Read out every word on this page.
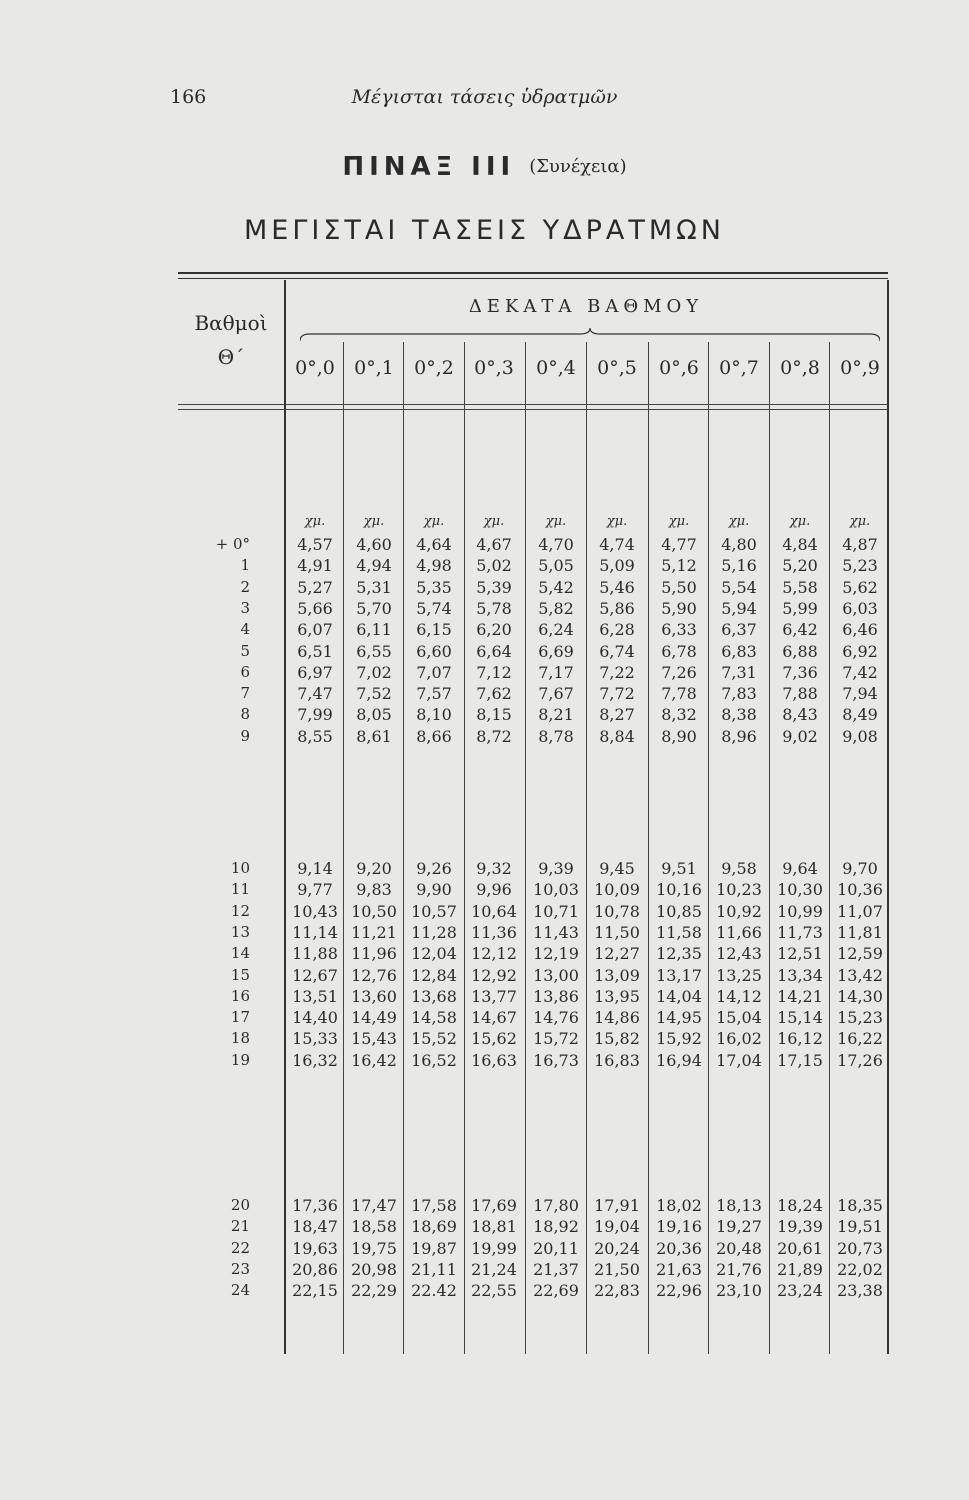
166	Μέγισται τάσεις ὑδρατμῶν
ΠΙΝΑΞ ΙΙΙ (Συνέχεια)
ΜΕΓΙΣΤΑΙ ΤΑΣΕΙΣ ΥΔΡΑΤΜΩΝ
Βαθμοὶ
Θ΄
ΔΕΚΑΤΑ ΒΑΘΜΟΥ
0°,0	0°,1	0°,2	0°,3	0°,4	0°,5	0°,6	0°,7	0°,8	0°,9
χμ.	χμ.	χμ.	χμ.	χμ.	χμ.	χμ.	χμ.	χμ.	χμ.
+ 0°	4,57	4,60	4,64	4,67	4,70	4,74	4,77	4,80	4,84	4,87
1	4,91	4,94	4,98	5,02	5,05	5,09	5,12	5,16	5,20	5,23
2	5,27	5,31	5,35	5,39	5,42	5,46	5,50	5,54	5,58	5,62
3	5,66	5,70	5,74	5,78	5,82	5,86	5,90	5,94	5,99	6,03
4	6,07	6,11	6,15	6,20	6,24	6,28	6,33	6,37	6,42	6,46
5	6,51	6,55	6,60	6,64	6,69	6,74	6,78	6,83	6,88	6,92
6	6,97	7,02	7,07	7,12	7,17	7,22	7,26	7,31	7,36	7,42
7	7,47	7,52	7,57	7,62	7,67	7,72	7,78	7,83	7,88	7,94
8	7,99	8,05	8,10	8,15	8,21	8,27	8,32	8,38	8,43	8,49
9	8,55	8,61	8,66	8,72	8,78	8,84	8,90	8,96	9,02	9,08
10	9,14	9,20	9,26	9,32	9,39	9,45	9,51	9,58	9,64	9,70
11	9,77	9,83	9,90	9,96	10,03 10,09	10,16 10,23 10,30 10,36
12	10,43 10,50 10,57 10,64	10,71 10,78	10,85 10,92 10,99 11,07
13	11,14 11,21 11,28 11,36	11,43 11,50	11,58 11,66 11,73 11,81
14	11,88 11,96 12,04 12,12	12,19 12,27	12,35 12,43 12,51 12,59
15	12,67 12,76 12,84 12,92	13,00 13,09	13,17 13,25 13,34 13,42
16	13,51 13,60 13,68 13,77	13,86 13,95	14,04 14,12 14,21 14,30
17	14,40 14,49 14,58 14,67	14,76 14,86	14,95 15,04 15,14 15,23
18	15,33 15,43 15,52 15,62	15,72 15,82	15,92 16,02 16,12 16,22
19	16,32 16,42 16,52 16,63	16,73 16,83	16,94 17,04 17,15 17,26
20	17,36 17,47 17,58 17,69	17,80 17,91	18,02 18,13 18,24 18,35
21	18,47 18,58 18,69 18,81	18,92 19,04	19,16 19,27 19,39 19,51
22	19,63 19,75 19,87 19,99	20,11 20,24	20,36 20,48 20,61 20,73
23	20,86 20,98 21,11 21,24	21,37 21,50	21,63 21,76 21,89 22,02
24	22,15 22,29 22.42 22,55	22,69 22,83	22,96 23,10 23,24 23,38
